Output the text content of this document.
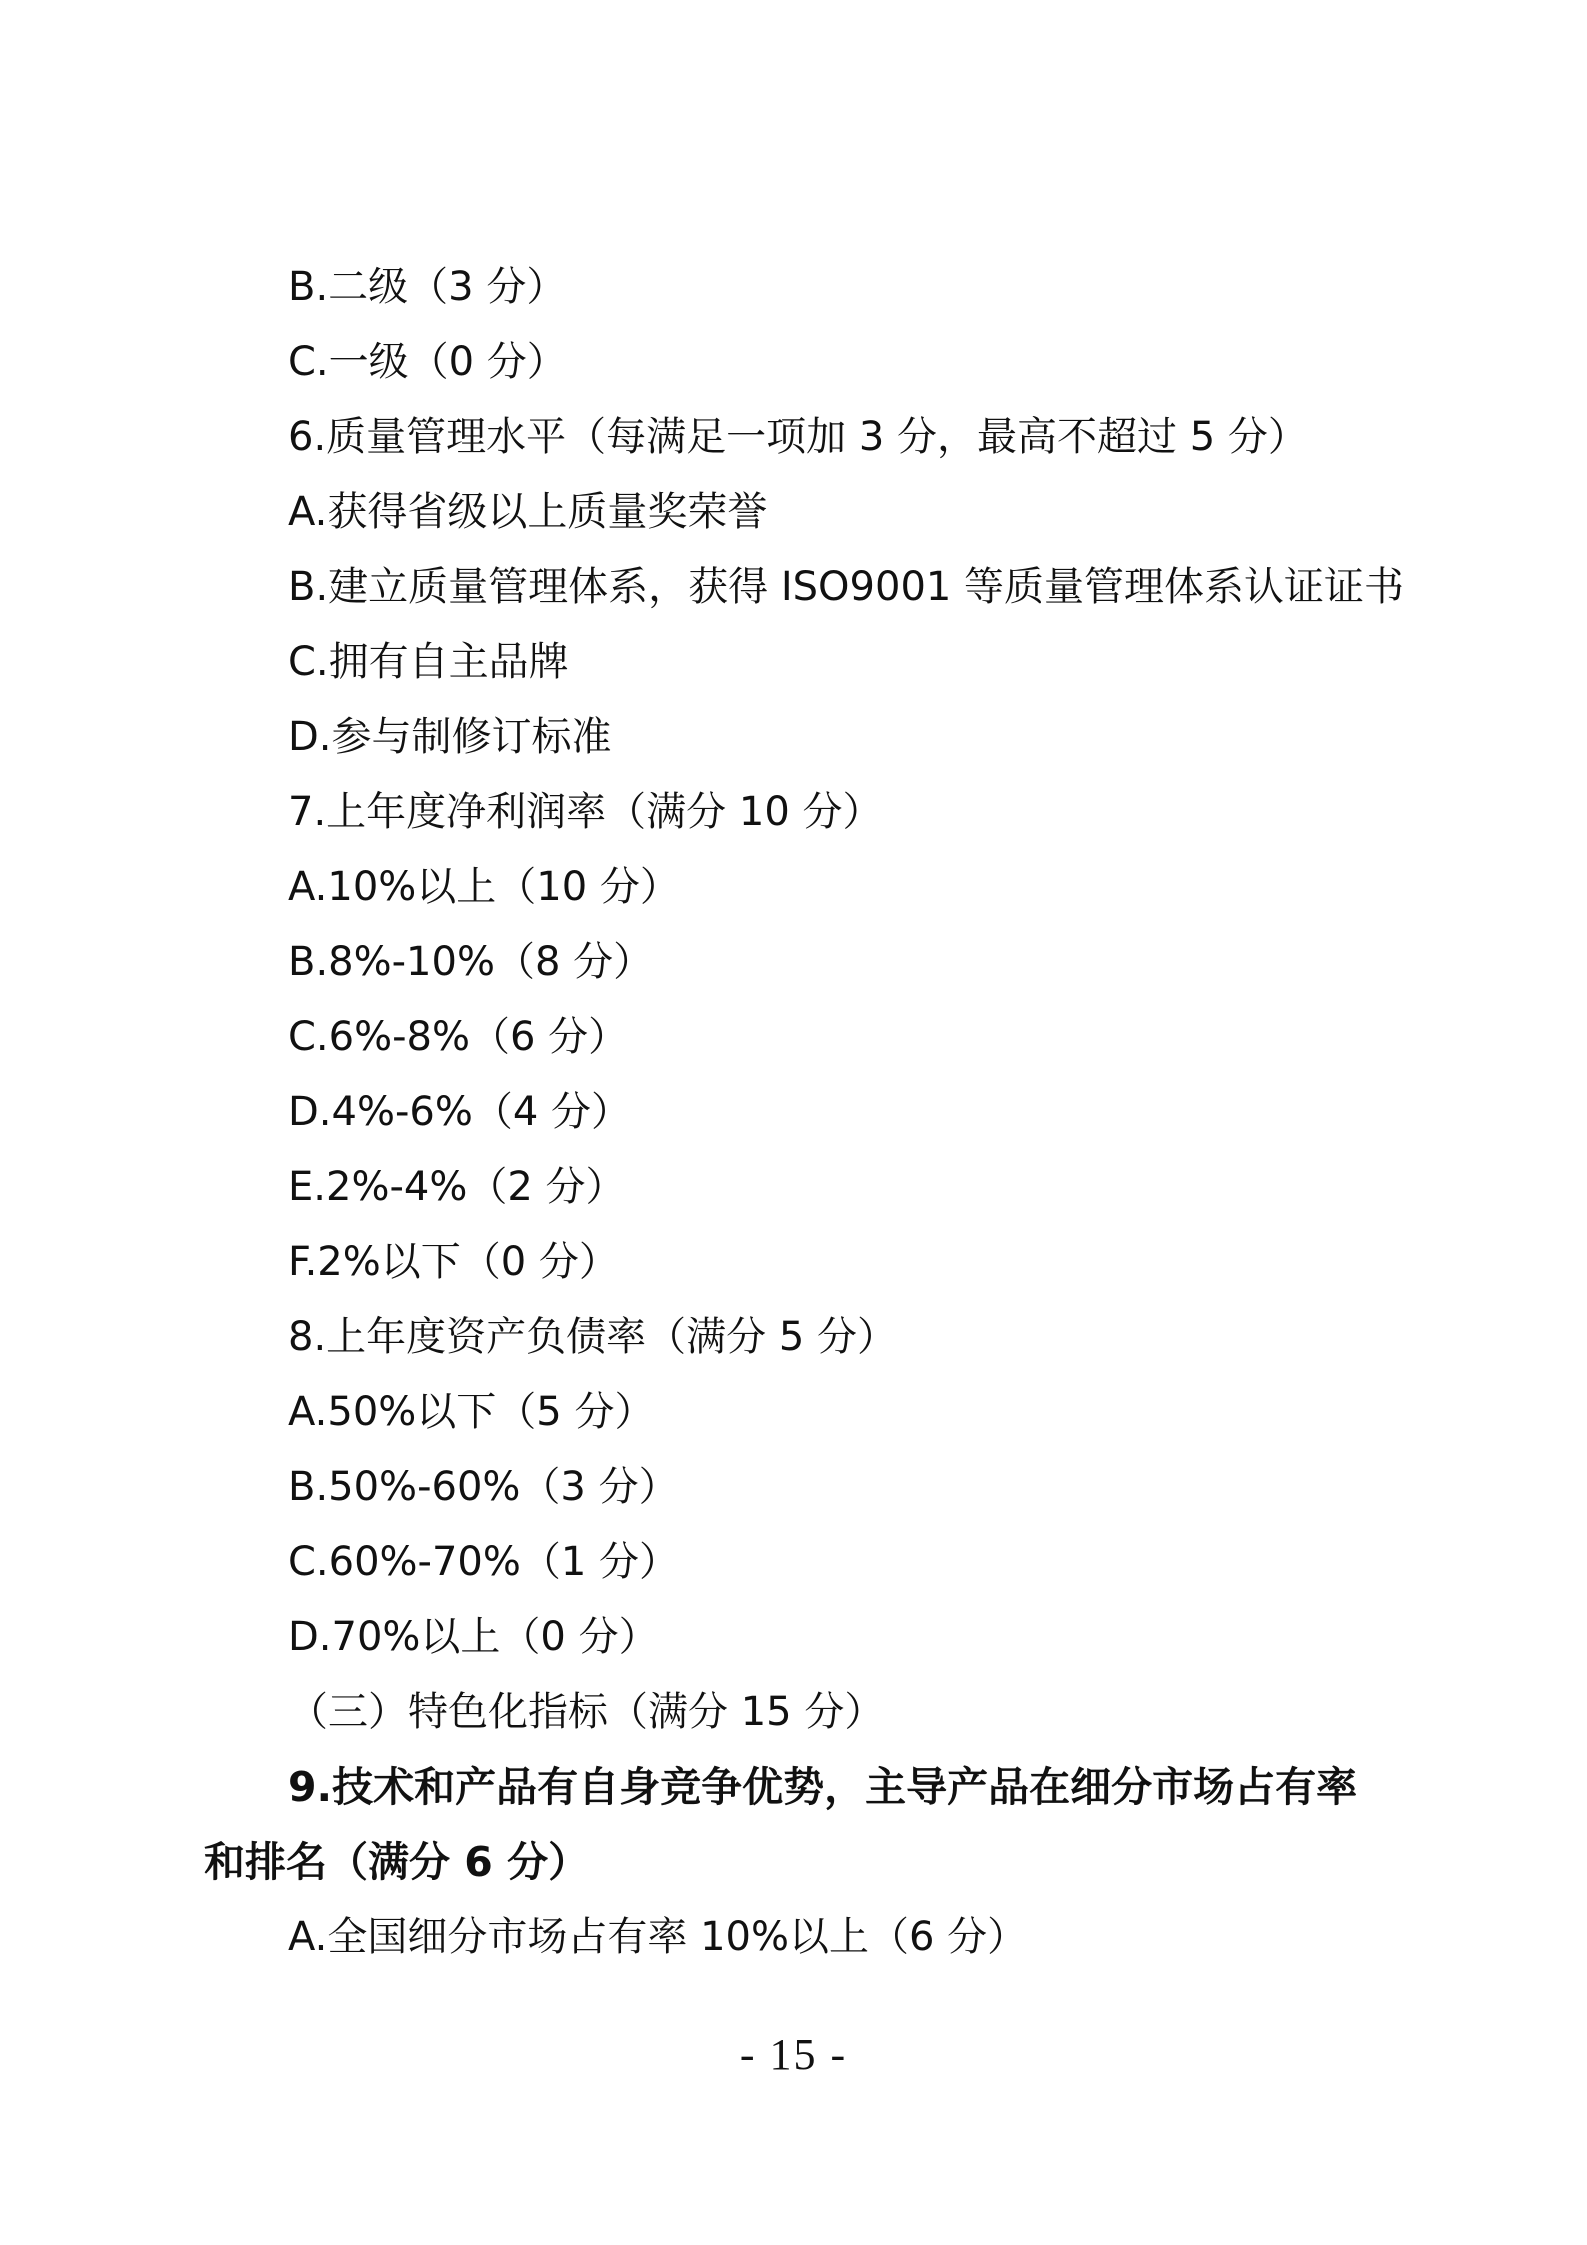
B.二级（3 分）
C.一级（0 分）
6.质量管理水平（每满足一项加 3 分，最高不超过 5 分）
A.获得省级以上质量奖荣誉
B.建立质量管理体系，获得 ISO9001 等质量管理体系认证证书
C.拥有自主品牌
D.参与制修订标准
7.上年度净利润率（满分 10 分）
A.10%以上（10 分）
B.8%-10%（8 分）
C.6%-8%（6 分）
D.4%-6%（4 分）
E.2%-4%（2 分）
F.2%以下（0 分）
8.上年度资产负债率（满分 5 分）
A.50%以下（5 分）
B.50%-60%（3 分）
C.60%-70%（1 分）
D.70%以上（0 分）
（三）特色化指标（满分 15 分）
9.技术和产品有自身竞争优势，主导产品在细分市场占有率
和排名（满分 6 分）
A.全国细分市场占有率 10%以上（6 分）
- 15 -
